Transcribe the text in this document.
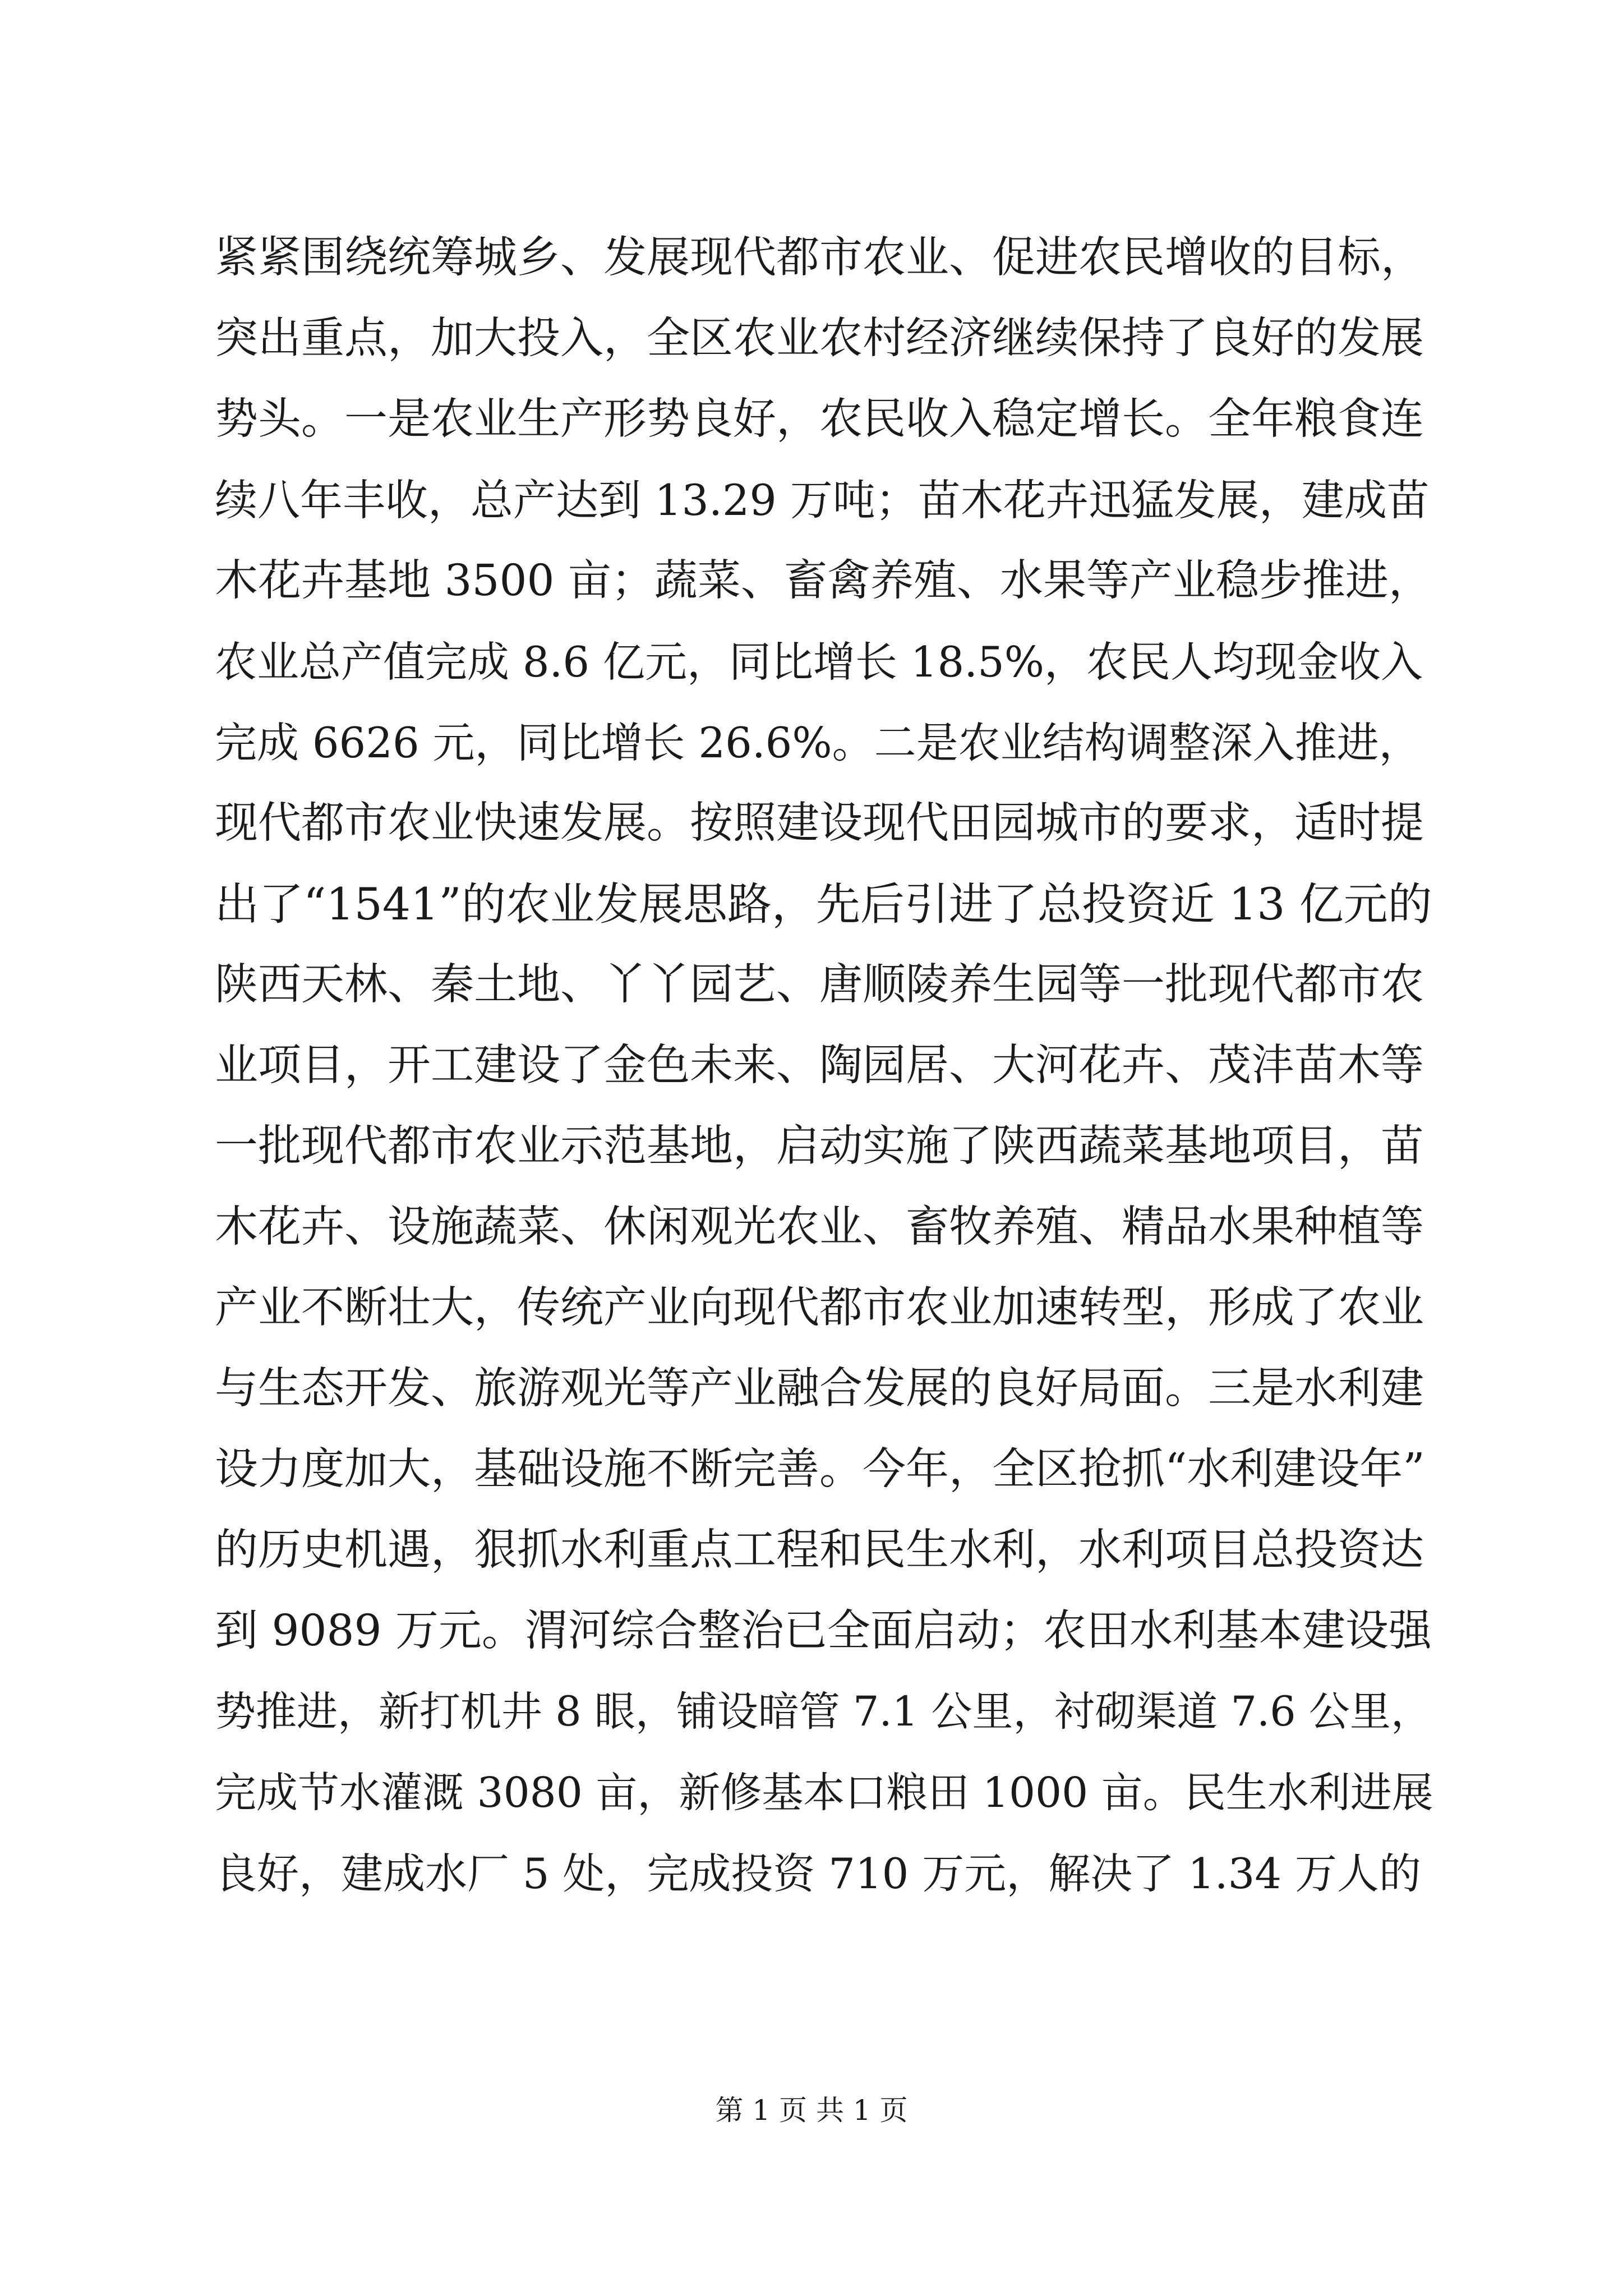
紧紧围绕统筹城乡、发展现代都市农业、促进农民增收的目标，
突出重点，加大投入，全区农业农村经济继续保持了良好的发展
势头。一是农业生产形势良好，农民收入稳定增长。全年粮食连
续八年丰收，总产达到 13.29 万吨；苗木花卉迅猛发展，建成苗
木花卉基地 3500 亩；蔬菜、畜禽养殖、水果等产业稳步推进，
农业总产值完成 8.6 亿元，同比增长 18.5%，农民人均现金收入
完成 6626 元，同比增长 26.6%。二是农业结构调整深入推进，
现代都市农业快速发展。按照建设现代田园城市的要求，适时提
出了“1541”的农业发展思路，先后引进了总投资近 13 亿元的
陕西天林、秦土地、丫丫园艺、唐顺陵养生园等一批现代都市农
业项目，开工建设了金色未来、陶园居、大河花卉、茂沣苗木等
一批现代都市农业示范基地，启动实施了陕西蔬菜基地项目，苗
木花卉、设施蔬菜、休闲观光农业、畜牧养殖、精品水果种植等
产业不断壮大，传统产业向现代都市农业加速转型，形成了农业
与生态开发、旅游观光等产业融合发展的良好局面。三是水利建
设力度加大，基础设施不断完善。今年，全区抢抓“水利建设年”
的历史机遇，狠抓水利重点工程和民生水利，水利项目总投资达
到 9089 万元。渭河综合整治已全面启动；农田水利基本建设强
势推进，新打机井 8 眼，铺设暗管 7.1 公里，衬砌渠道 7.6 公里，
完成节水灌溉 3080 亩，新修基本口粮田 1000 亩。民生水利进展
良好，建成水厂 5 处，完成投资 710 万元，解决了 1.34 万人的
第 1 页 共 1 页
